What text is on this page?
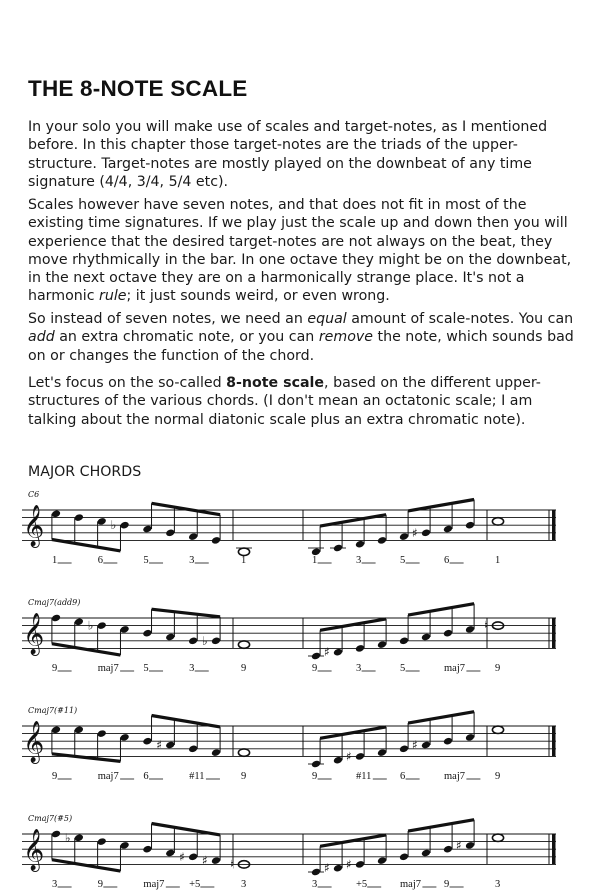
THE 8-NOTE SCALE

In your solo you will make use of scales and target-notes, as I mentioned
before. In this chapter those target-notes are the triads of the upper-
structure. Target-notes are mostly played on the downbeat of any time
signature (4/4, 3/4, 5/4 etc).

Scales however have seven notes, and that does not fit in most of the
existing time signatures. If we play just the scale up and down then you will
experience that the desired target-notes are not always on the beat, they
move rhythmically in the bar. In one octave they might be on the downbeat,
in the next octave they are on a harmonically strange place. It's not a
harmonic rule; it just sounds weird, or even wrong.

So instead of seven notes, we need an equal amount of scale-notes. You can
add an extra chromatic note, or you can remove the note, which sounds bad
on or changes the function of the chord.

Let's focus on the so-called 8-note scale, based on the different upper-
structures of the various chords. (I don't mean an octatonic scale; I am
talking about the normal diatonic scale plus an extra chromatic note).

MAJOR CHORDS

𝄞
C6
♭
1	6	5	3	1
♯
1	3	5	6	1
𝄞
Cmaj7(add9)
♭
♭
9	maj7 5	3	9
♯
9	3	5	maj7
♮
9
𝄞
Cmaj7(#11)
♯
9	maj7 6	#11	9
♯
♯
9	#11	6	maj7	9
𝄞
Cmaj7(#5)
♭
♯ ♯
3	9	maj7 +5
♮
3
♯ ♯
♯
3	+5	maj7 9	3
